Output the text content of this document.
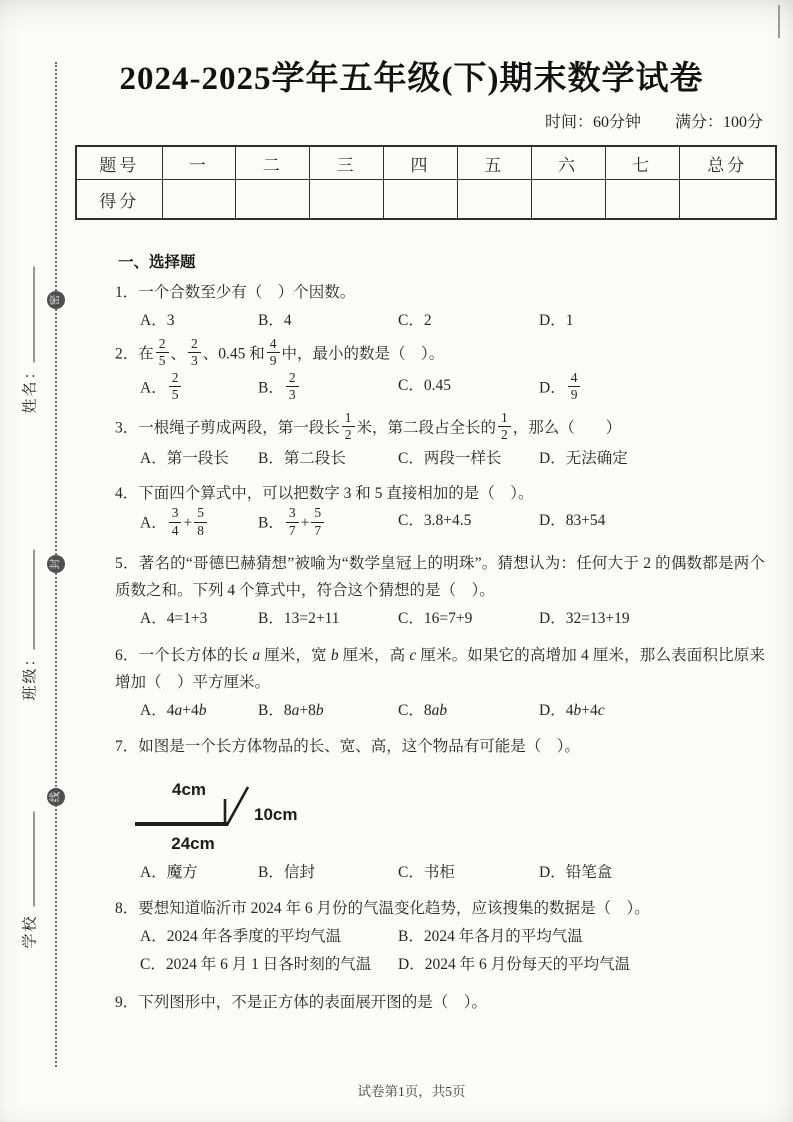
密
封
线
姓名：
班级：
学校
2024-2025学年五年级(下)期末数学试卷
时间：60分钟 满分：100分
题号	一	二	三	四	五	六	七	总分
得分								
一、选择题
1．一个合数至少有（　）个因数。
A．3	B．4	C．2	D．1
2．在 $\frac{2}{5}$ 、 $\frac{2}{3}$ 、0.45 和 $\frac{4}{9}$ 中，最小的数是（　）。
A． $\frac{2}{5}$	B． $\frac{2}{3}$	C．0.45	D． $\frac{4}{9}$
3．一根绳子剪成两段，第一段长 $\frac{1}{2}$ 米，第二段占全长的 $\frac{1}{2}$ ，那么（　　）
A．第一段长	B．第二段长	C．两段一样长	D．无法确定
4．下面四个算式中，可以把数字 3 和 5 直接相加的是（　）。
A． $\frac{3}{4} + \frac{5}{8}$	B． $\frac{3}{7} + \frac{5}{7}$	C．3.8+4.5	D．83+54
5．著名的“哥德巴赫猜想”被喻为“数学皇冠上的明珠”。猜想认为：任何大于 2 的偶数都是两个质数之和。下列 4 个算式中，符合这个猜想的是（　）。
A．4=1+3	B．13=2+11	C．16=7+9	D．32=13+19
6．一个长方体的长 a 厘米，宽 b 厘米，高 c 厘米。如果它的高增加 4 厘米，那么表面积比原来增加（　）平方厘米。
A．4a+4b	B．8a+8b	C．8ab	D．4b+4c
7．如图是一个长方体物品的长、宽、高，这个物品有可能是（　）。
4cm
10cm
24cm
A．魔方	B．信封	C．书柜	D．铅笔盒
8．要想知道临沂市 2024 年 6 月份的气温变化趋势，应该搜集的数据是（　）。
A．2024 年各季度的平均气温	B．2024 年各月的平均气温
C．2024 年 6 月 1 日各时刻的气温	D．2024 年 6 月份每天的平均气温
9．下列图形中，不是正方体的表面展开图的是（　）。
试卷第1页，共5页
